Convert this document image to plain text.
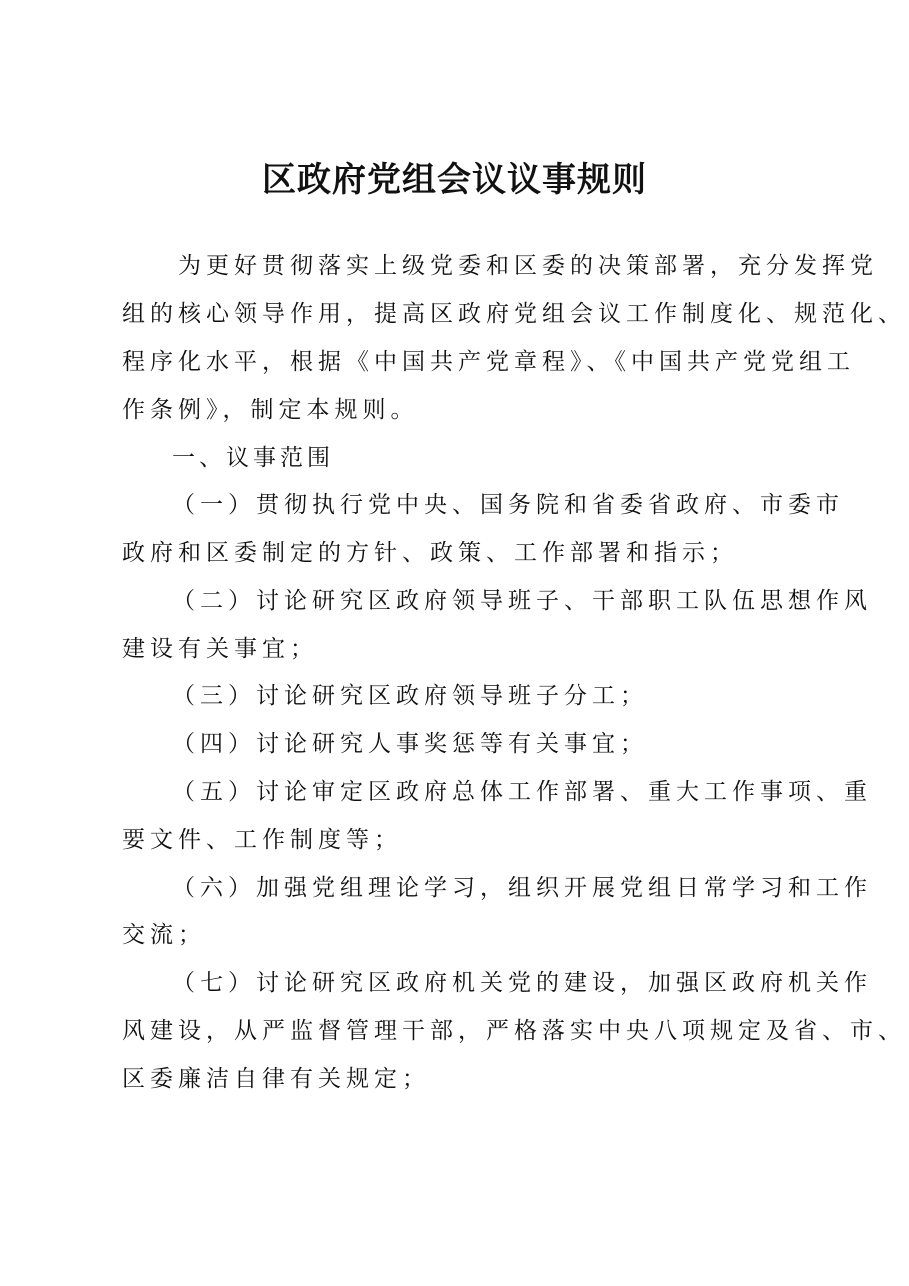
区政府党组会议议事规则
为更好贯彻落实上级党委和区委的决策部署，充分发挥党
组的核心领导作用，提高区政府党组会议工作制度化、规范化、
程序化水平，根据《中国共产党章程》、《中国共产党党组工
作条例》，制定本规则。
一、议事范围
（一）贯彻执行党中央、国务院和省委省政府、市委市
政府和区委制定的方针、政策、工作部署和指示；
（二）讨论研究区政府领导班子、干部职工队伍思想作风
建设有关事宜；
（三）讨论研究区政府领导班子分工；
（四）讨论研究人事奖惩等有关事宜；
（五）讨论审定区政府总体工作部署、重大工作事项、重
要文件、工作制度等；
（六）加强党组理论学习，组织开展党组日常学习和工作
交流；
（七）讨论研究区政府机关党的建设，加强区政府机关作
风建设，从严监督管理干部，严格落实中央八项规定及省、市、
区委廉洁自律有关规定；
